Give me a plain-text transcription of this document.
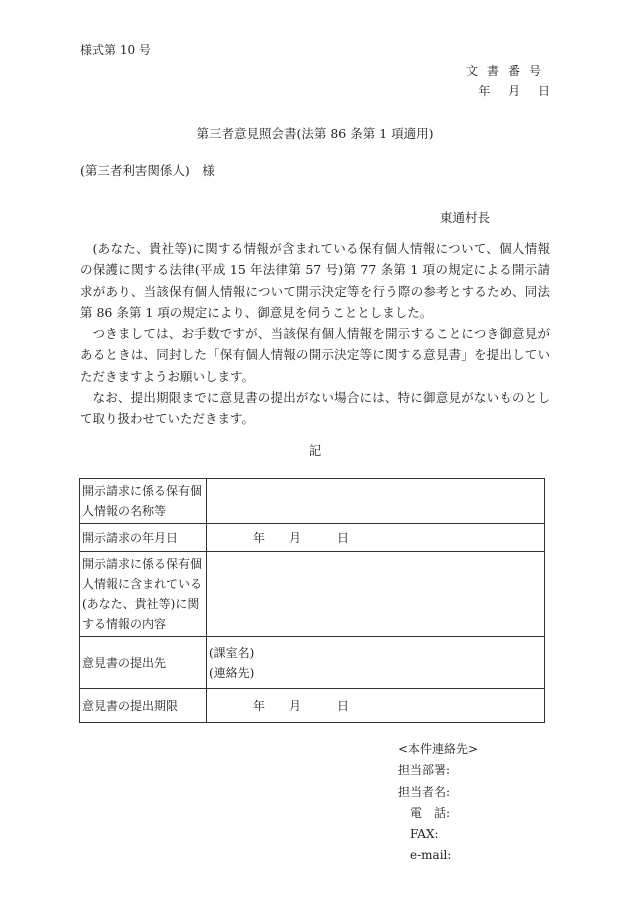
様式第 10 号
文書番号
年 月 日
第三者意見照会書(法第 86 条第 1 項適用)
(第三者利害関係人)　様
東通村長

(あなた、貴社等)に関する情報が含まれている保有個人情報について、個人情報の保護に関する法律(平成 15 年法律第 57 号)第 77 条第 1 項の規定による開示請求があり、当該保有個人情報について開示決定等を行う際の参考とするため、同法第 86 条第 1 項の規定により、御意見を伺うこととしました。

つきましては、お手数ですが、当該保有個人情報を開示することにつき御意見があるときは、同封した「保有個人情報の開示決定等に関する意見書」を提出していただきますようお願いします。

なお、提出期限までに意見書の提出がない場合には、特に御意見がないものとして取り扱わせていただきます。

記
開示請求に係る保有個人情報の名称等	
開示請求の年月日	年 月 日
開示請求に係る保有個人情報に含まれている(あなた、貴社等)に関する情報の内容	
意見書の提出先	(課室名)
(連絡先)

意見書の提出期限	年 月 日
<本件連絡先>
担当部署:
担当者名:
電　話:
FAX:
e-mail:
